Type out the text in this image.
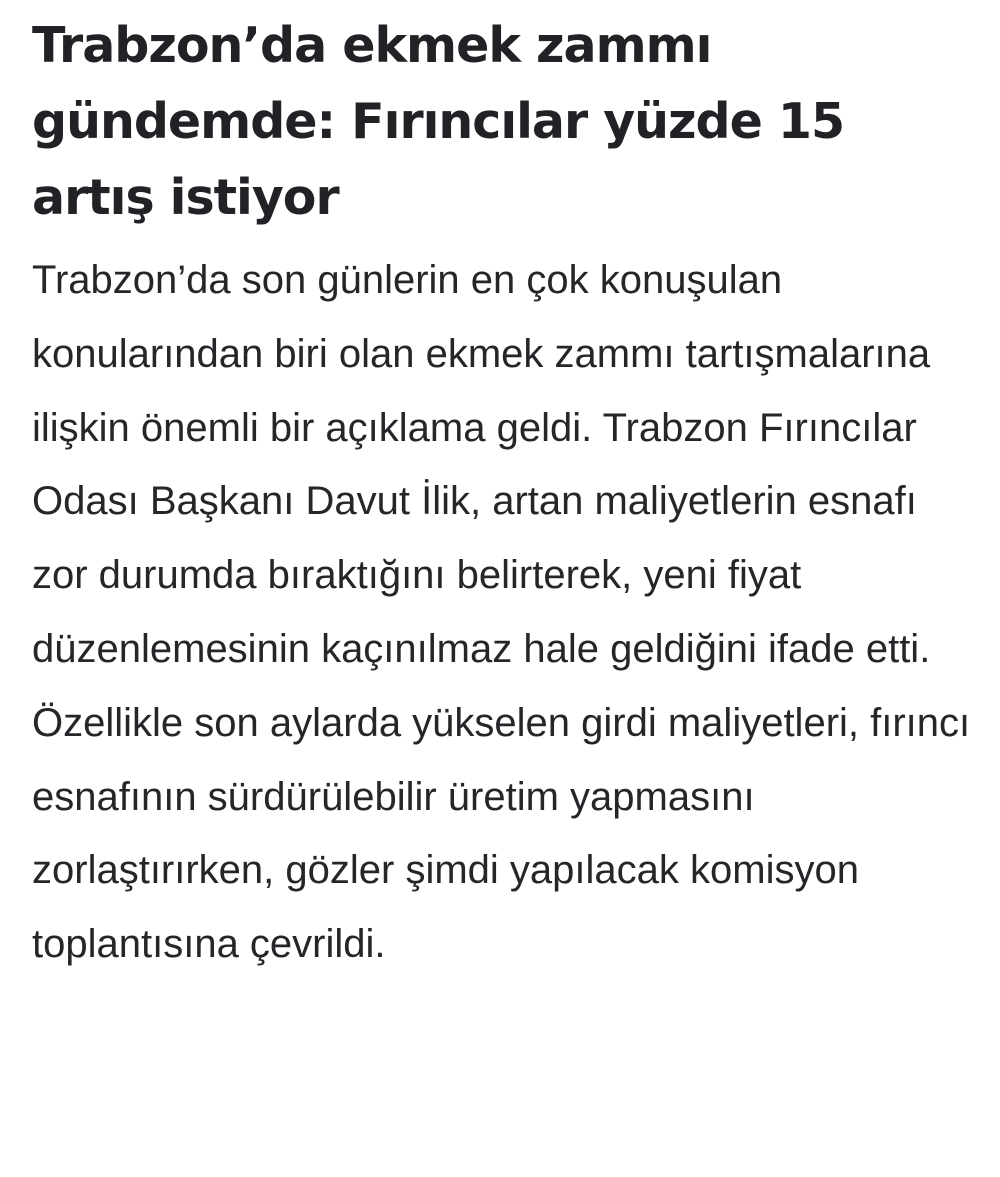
Trabzon’da ekmek zammı gündemde: Fırıncılar yüzde 15 artış istiyor

Trabzon’da son günlerin en çok konuşulan konularından biri olan ekmek zammı tartışmalarına ilişkin önemli bir açıklama geldi. Trabzon Fırıncılar Odası Başkanı Davut İlik, artan maliyetlerin esnafı zor durumda bıraktığını belirterek, yeni fiyat düzenlemesinin kaçınılmaz hale geldiğini ifade etti. Özellikle son aylarda yükselen girdi maliyetleri, fırıncı esnafının sürdürülebilir üretim yapmasını zorlaştırırken, gözler şimdi yapılacak komisyon toplantısına çevrildi.
